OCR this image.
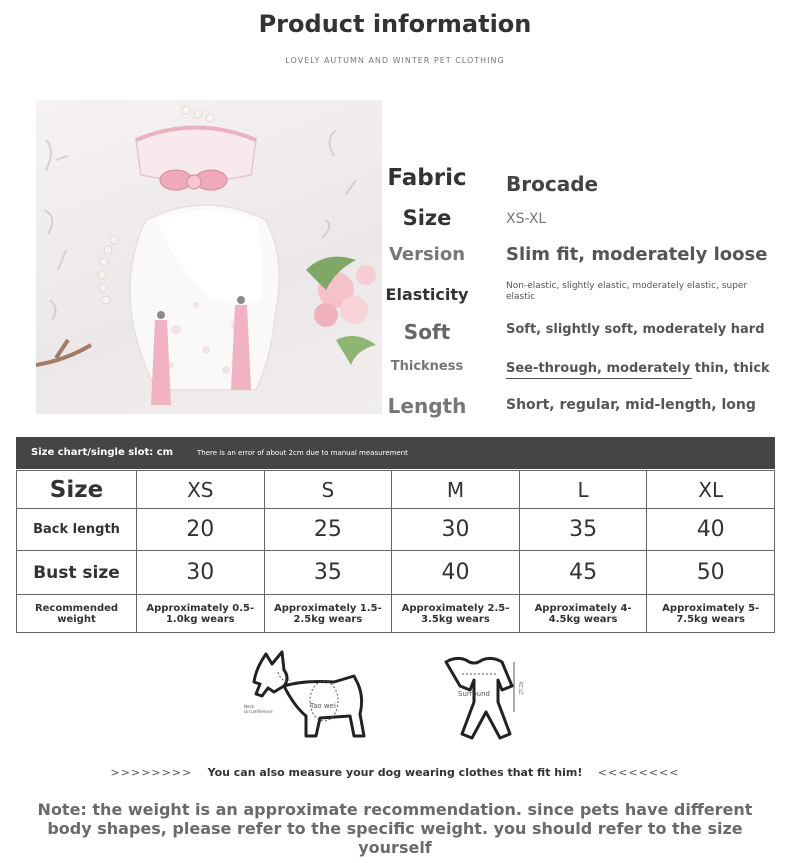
Product information
LOVELY AUTUMN AND WINTER PET CLOTHING
Fabric	Brocade
Size	XS-XL
Version	Slim fit, moderately loose
Elasticity	Non-elastic, slightly elastic, moderately elastic, super elastic
Soft	Soft, slightly soft, moderately hard
Thickness	See-through, moderately thin, thick
Length	Short, regular, mid-length, long
Size chart/single slot: cm	There is an error of about 2cm due to manual measurement
Size	XS	S	M	L	XL
Back length	20	25	30	35	40
Bust size	30	35	40	45	50
Recommended weight	Approximately 0.5-1.0kg wears	Approximately 1.5-2.5kg wears	Approximately 2.5-3.5kg wears	Approximately 4-4.5kg wears	Approximately 5-7.5kg wears
Neck circumference
Tao wei
Surround
背长
>>>>>>>> You can also measure your dog wearing clothes that fit him! <<<<<<<<
Note: the weight is an approximate recommendation. since pets have different body shapes, please refer to the specific weight. you should refer to the size yourself
